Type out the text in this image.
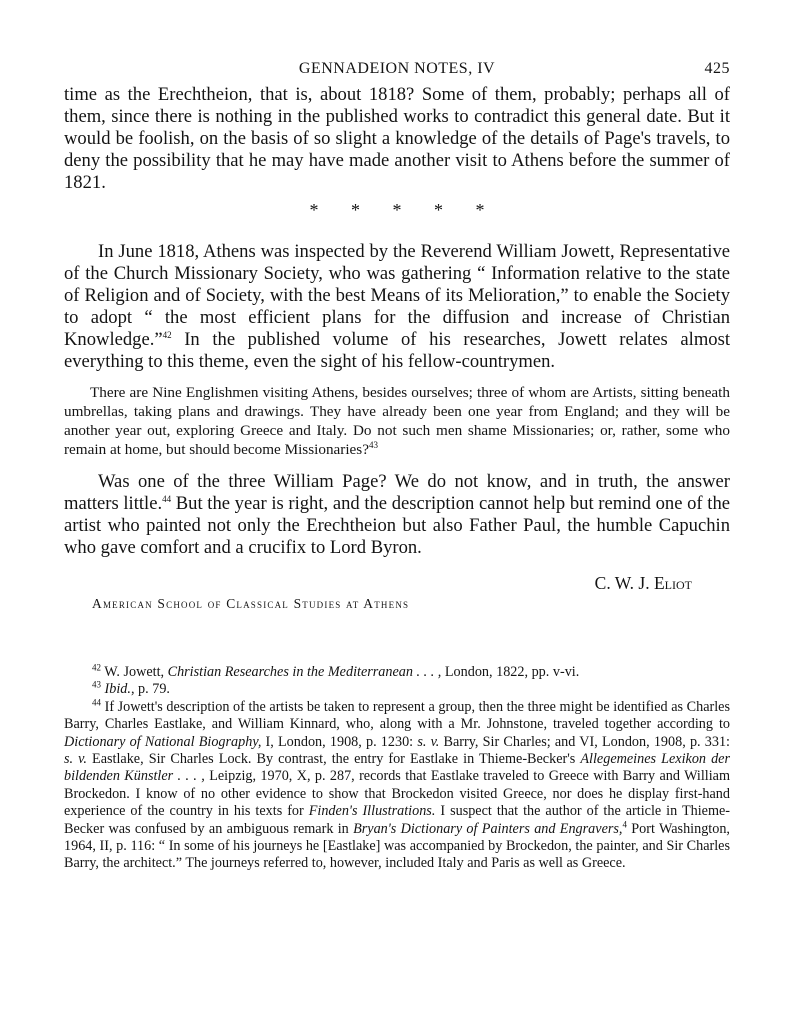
GENNADEION NOTES, IV	425

time as the Erechtheion, that is, about 1818? Some of them, probably; perhaps all of them, since there is nothing in the published works to contradict this general date. But it would be foolish, on the basis of so slight a knowledge of the details of Page's travels, to deny the possibility that he may have made another visit to Athens before the summer of 1821.

* * * * *

In June 1818, Athens was inspected by the Reverend William Jowett, Representative of the Church Missionary Society, who was gathering “ Information relative to the state of Religion and of Society, with the best Means of its Melioration,” to enable the Society to adopt “ the most efficient plans for the diffusion and increase of Christian Knowledge.”$^{42}$ In the published volume of his researches, Jowett relates almost everything to this theme, even the sight of his fellow-countrymen.

There are Nine Englishmen visiting Athens, besides ourselves; three of whom are Artists, sitting beneath umbrellas, taking plans and drawings. They have already been one year from England; and they will be another year out, exploring Greece and Italy. Do not such men shame Missionaries; or, rather, some who remain at home, but should become Missionaries?$^{43}$

Was one of the three William Page? We do not know, and in truth, the answer matters little.$^{44}$ But the year is right, and the description cannot help but remind one of the artist who painted not only the Erechtheion but also Father Paul, the humble Capuchin who gave comfort and a crucifix to Lord Byron.

C. W. J. Eliot
American School of Classical Studies at Athens

$^{42}$ W. Jowett, Christian Researches in the Mediterranean . . . , London, 1822, pp. v-vi.

$^{43}$ Ibid., p. 79.

$^{44}$ If Jowett's description of the artists be taken to represent a group, then the three might be identified as Charles Barry, Charles Eastlake, and William Kinnard, who, along with a Mr. Johnstone, traveled together according to Dictionary of National Biography, I, London, 1908, p. 1230: s. v. Barry, Sir Charles; and VI, London, 1908, p. 331: s. v. Eastlake, Sir Charles Lock. By contrast, the entry for Eastlake in Thieme-Becker's Allegemeines Lexikon der bildenden Künstler . . . , Leipzig, 1970, X, p. 287, records that Eastlake traveled to Greece with Barry and William Brockedon. I know of no other evidence to show that Brockedon visited Greece, nor does he display first-hand experience of the country in his texts for Finden's Illustrations. I suspect that the author of the article in Thieme-Becker was confused by an ambiguous remark in Bryan's Dictionary of Painters and Engravers,$^4$ Port Washington, 1964, II, p. 116: “ In some of his journeys he [Eastlake] was accompanied by Brockedon, the painter, and Sir Charles Barry, the architect.” The journeys referred to, however, included Italy and Paris as well as Greece.
